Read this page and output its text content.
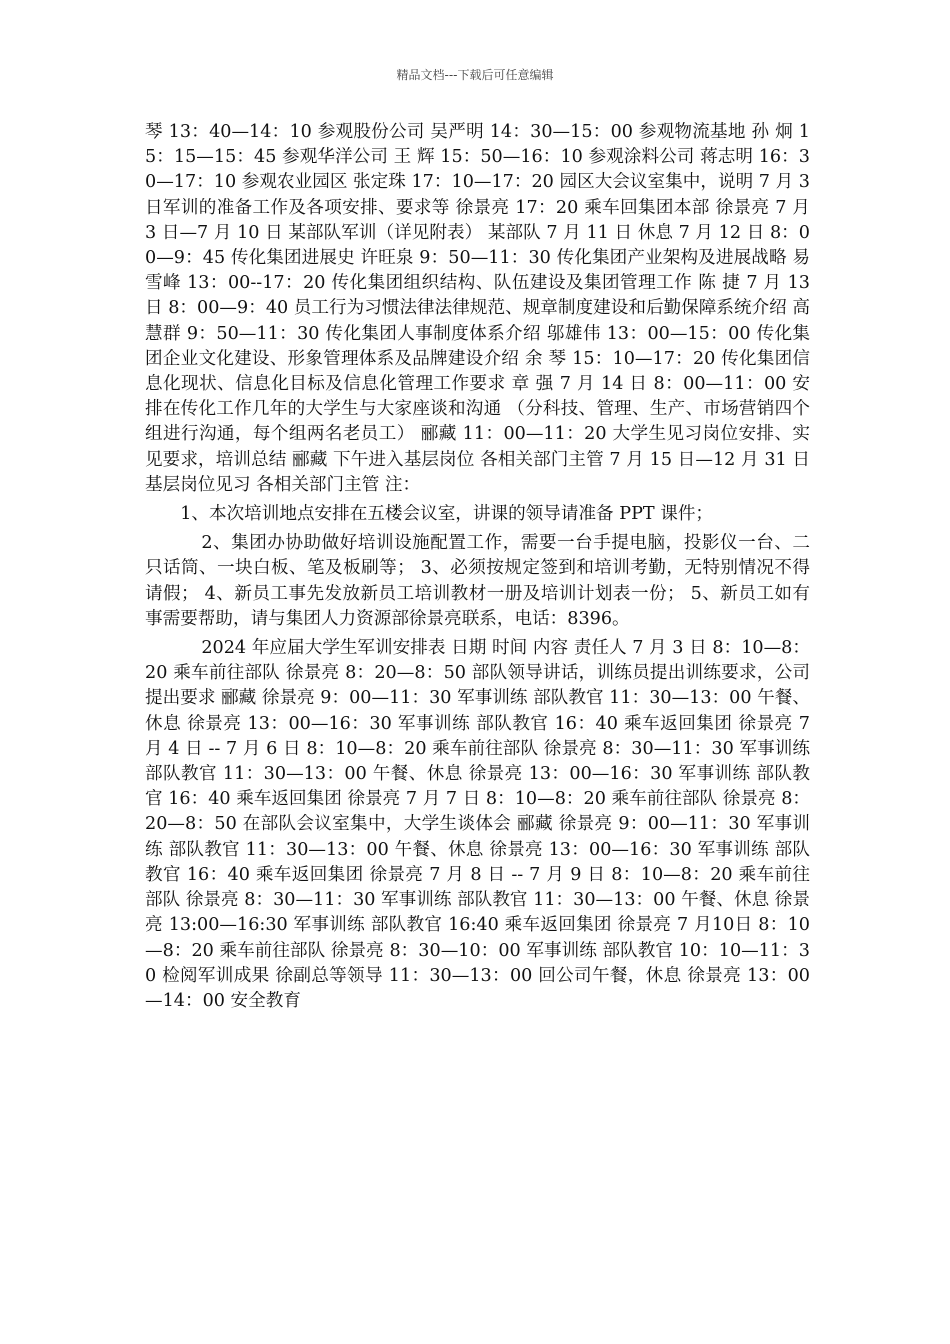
精品文档---下载后可任意编辑

琴 13：40—14：10 参观股份公司 吴严明 14：30—15：00 参观物流基地 孙 炯 15：15—15：45 参观华洋公司 王 辉 15：50—16：10 参观涂料公司 蒋志明 16：30—17：10 参观农业园区 张定珠 17：10—17：20 园区大会议室集中，说明 7 月 3 日军训的准备工作及各项安排、要求等 徐景亮 17：20 乘车回集团本部 徐景亮 7 月 3 日—7 月 10 日 某部队军训（详见附表） 某部队 7 月 11 日 休息 7 月 12 日 8：00—9：45 传化集团进展史 许旺泉 9：50—11：30 传化集团产业架构及进展战略 易雪峰 13：00--17：20 传化集团组织结构、队伍建设及集团管理工作 陈 捷 7 月 13 日 8：00—9：40 员工行为习惯法律法律规范、规章制度建设和后勤保障系统介绍 高慧群 9：50—11：30 传化集团人事制度体系介绍 邬雄伟 13：00—15：00 传化集团企业文化建设、形象管理体系及品牌建设介绍 余 琴 15：10—17：20 传化集团信息化现状、信息化目标及信息化管理工作要求 章 强 7 月 14 日 8：00—11：00 安排在传化工作几年的大学生与大家座谈和沟通 （分科技、管理、生产、市场营销四个组进行沟通，每个组两名老员工） 郦藏 11：00—11：20 大学生见习岗位安排、实见要求，培训总结 郦藏 下午进入基层岗位 各相关部门主管 7 月 15 日—12 月 31 日 基层岗位见习 各相关部门主管 注：

1、本次培训地点安排在五楼会议室，讲课的领导请准备 PPT 课件；

2、集团办协助做好培训设施配置工作，需要一台手提电脑，投影仪一台、二只话筒、一块白板、笔及板刷等； 3、必须按规定签到和培训考勤，无特别情况不得请假； 4、新员工事先发放新员工培训教材一册及培训计划表一份； 5、新员工如有事需要帮助，请与集团人力资源部徐景亮联系，电话：8396。

2024 年应届大学生军训安排表 日期 时间 内容 责任人 7 月 3 日 8：10—8：20 乘车前往部队 徐景亮 8：20—8：50 部队领导讲话，训练员提出训练要求，公司提出要求 郦藏 徐景亮 9：00—11：30 军事训练 部队教官 11：30—13：00 午餐、休息 徐景亮 13：00—16：30 军事训练 部队教官 16：40 乘车返回集团 徐景亮 7 月 4 日 -- 7 月 6 日 8：10—8：20 乘车前往部队 徐景亮 8：30—11：30 军事训练 部队教官 11：30—13：00 午餐、休息 徐景亮 13：00—16：30 军事训练 部队教官 16：40 乘车返回集团 徐景亮 7 月 7 日 8：10—8：20 乘车前往部队 徐景亮 8：20—8：50 在部队会议室集中，大学生谈体会 郦藏 徐景亮 9：00—11：30 军事训练 部队教官 11：30—13：00 午餐、休息 徐景亮 13：00—16：30 军事训练 部队教官 16：40 乘车返回集团 徐景亮 7 月 8 日 -- 7 月 9 日 8：10—8：20 乘车前往部队 徐景亮 8：30—11：30 军事训练 部队教官 11：30—13：00 午餐、休息 徐景亮 13:00—16:30 军事训练 部队教官 16:40 乘车返回集团 徐景亮 7 月10日 8：10—8：20 乘车前往部队 徐景亮 8：30—10：00 军事训练 部队教官 10：10—11：30 检阅军训成果 徐副总等领导 11：30—13：00 回公司午餐，休息 徐景亮 13：00—14：00 安全教育
